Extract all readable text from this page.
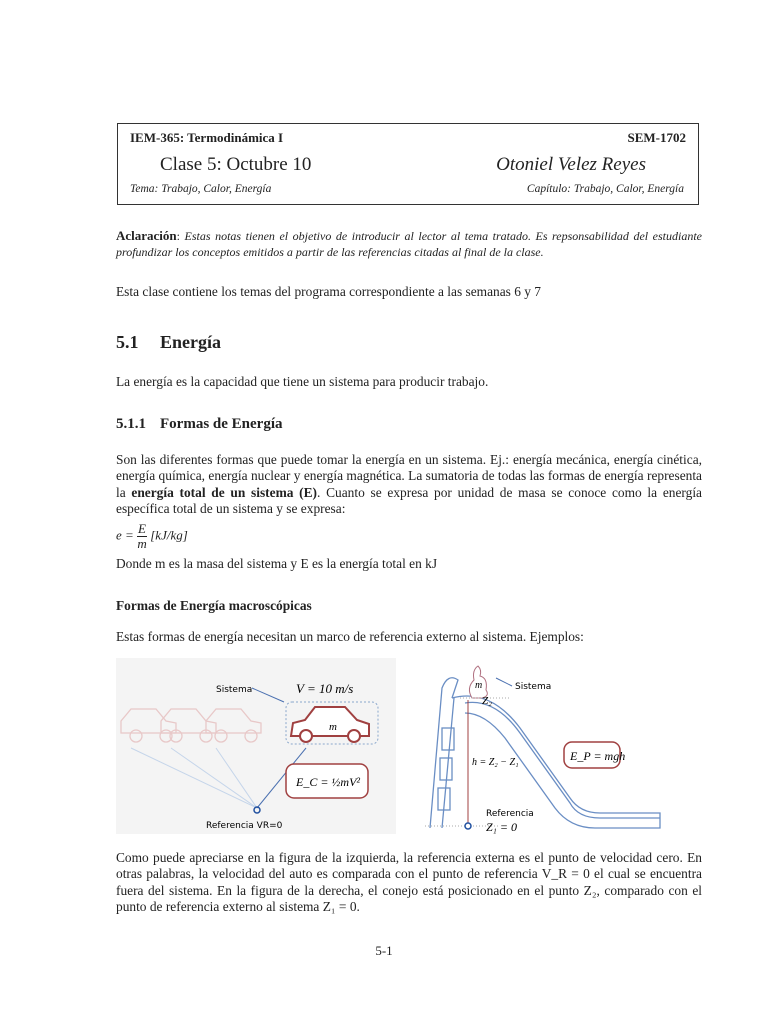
IEM-365: Termodinámica I	SEM-1702
Clase 5: Octubre 10	Otoniel Velez Reyes
Tema: Trabajo, Calor, Energía	Capítulo: Trabajo, Calor, Energía
Aclaración: Estas notas tienen el objetivo de introducir al lector al tema tratado. Es repsonsabilidad del estudiante profundizar los conceptos emitidos a partir de las referencias citadas al final de la clase.
Esta clase contiene los temas del programa correspondiente a las semanas 6 y 7
5.1 Energía
La energía es la capacidad que tiene un sistema para producir trabajo.
5.1.1 Formas de Energía
Son las diferentes formas que puede tomar la energía en un sistema. Ej.: energía mecánica, energía cinética, energía química, energía nuclear y energía magnética. La sumatoria de todas las formas de energía representa la energía total de un sistema (E). Cuanto se expresa por unidad de masa se conoce como la energía específica total de un sistema y se expresa:
$e = \frac{E}{m} [kJ/kg]$
Donde m es la masa del sistema y E es la energía total en kJ
Formas de Energía macroscópicas
Estas formas de energía necesitan un marco de referencia externo al sistema. Ejemplos:
m
Sistema	V = 10 m/s
E_C = ½mV²
Referencia VR=0
m	Sistema
Z₂
h = Z₂ − Z₁	E_P = mgh
Referencia
Z₁ = 0
Como puede apreciarse en la figura de la izquierda, la referencia externa es el punto de velocidad cero. En otras palabras, la velocidad del auto es comparada con el punto de referencia V_R = 0 el cual se encuentra fuera del sistema. En la figura de la derecha, el conejo está posicionado en el punto Z₂, comparado con el punto de referencia externo al sistema Z₁ = 0.
5-1
